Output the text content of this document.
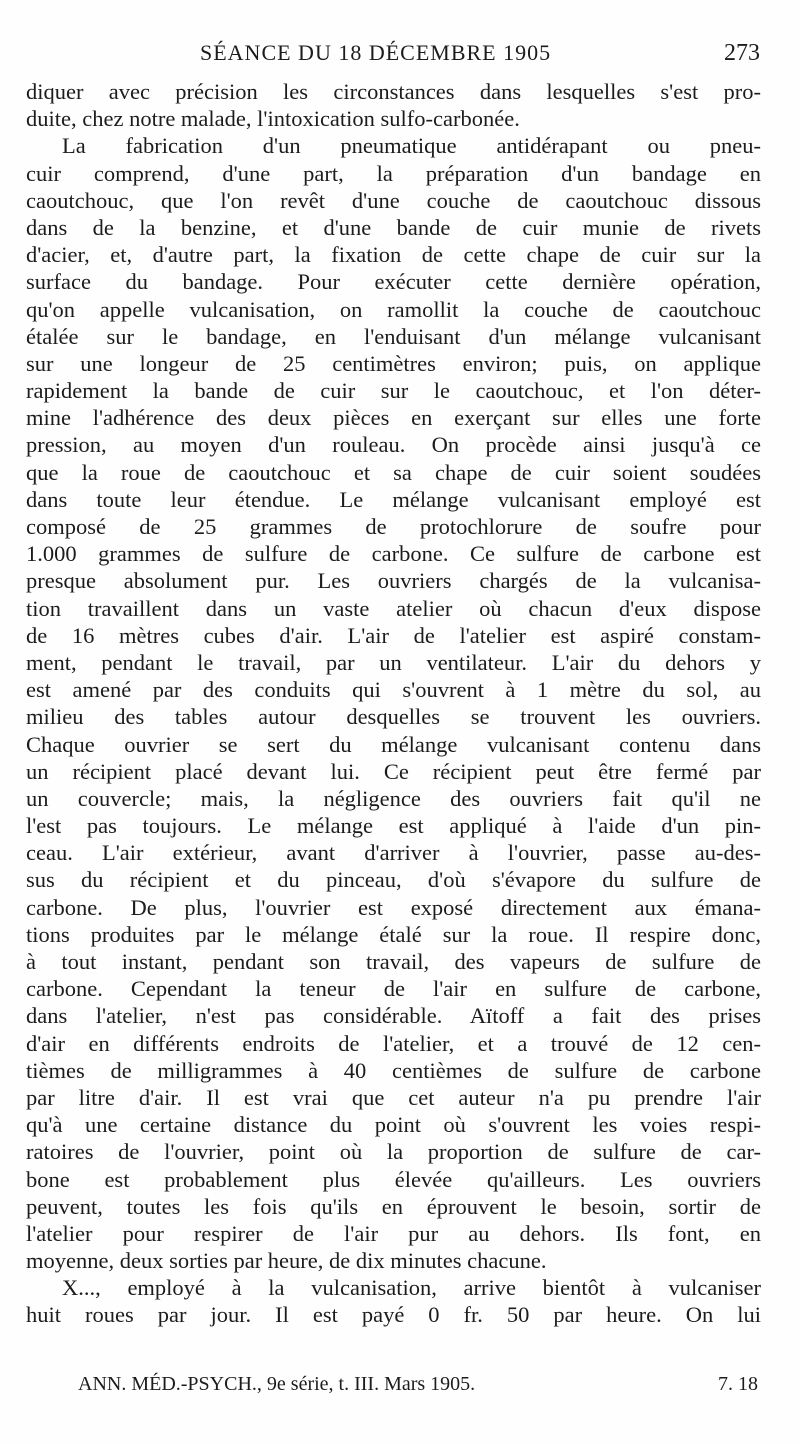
SÉANCE DU 18 DÉCEMBRE 1905	273
diquer avec précision les circonstances dans lesquelles s'est pro-
duite, chez notre malade, l'intoxication sulfo-carbonée.
La fabrication d'un pneumatique antidérapant ou pneu-
cuir comprend, d'une part, la préparation d'un bandage en
caoutchouc, que l'on revêt d'une couche de caoutchouc dissous
dans de la benzine, et d'une bande de cuir munie de rivets
d'acier, et, d'autre part, la fixation de cette chape de cuir sur la
surface du bandage. Pour exécuter cette dernière opération,
qu'on appelle vulcanisation, on ramollit la couche de caoutchouc
étalée sur le bandage, en l'enduisant d'un mélange vulcanisant
sur une longeur de 25 centimètres environ; puis, on applique
rapidement la bande de cuir sur le caoutchouc, et l'on déter-
mine l'adhérence des deux pièces en exerçant sur elles une forte
pression, au moyen d'un rouleau. On procède ainsi jusqu'à ce
que la roue de caoutchouc et sa chape de cuir soient soudées
dans toute leur étendue. Le mélange vulcanisant employé est
composé de 25 grammes de protochlorure de soufre pour
1.000 grammes de sulfure de carbone. Ce sulfure de carbone est
presque absolument pur. Les ouvriers chargés de la vulcanisa-
tion travaillent dans un vaste atelier où chacun d'eux dispose
de 16 mètres cubes d'air. L'air de l'atelier est aspiré constam-
ment, pendant le travail, par un ventilateur. L'air du dehors y
est amené par des conduits qui s'ouvrent à 1 mètre du sol, au
milieu des tables autour desquelles se trouvent les ouvriers.
Chaque ouvrier se sert du mélange vulcanisant contenu dans
un récipient placé devant lui. Ce récipient peut être fermé par
un couvercle; mais, la négligence des ouvriers fait qu'il ne
l'est pas toujours. Le mélange est appliqué à l'aide d'un pin-
ceau. L'air extérieur, avant d'arriver à l'ouvrier, passe au-des-
sus du récipient et du pinceau, d'où s'évapore du sulfure de
carbone. De plus, l'ouvrier est exposé directement aux émana-
tions produites par le mélange étalé sur la roue. Il respire donc,
à tout instant, pendant son travail, des vapeurs de sulfure de
carbone. Cependant la teneur de l'air en sulfure de carbone,
dans l'atelier, n'est pas considérable. Aïtoff a fait des prises
d'air en différents endroits de l'atelier, et a trouvé de 12 cen-
tièmes de milligrammes à 40 centièmes de sulfure de carbone
par litre d'air. Il est vrai que cet auteur n'a pu prendre l'air
qu'à une certaine distance du point où s'ouvrent les voies respi-
ratoires de l'ouvrier, point où la proportion de sulfure de car-
bone est probablement plus élevée qu'ailleurs. Les ouvriers
peuvent, toutes les fois qu'ils en éprouvent le besoin, sortir de
l'atelier pour respirer de l'air pur au dehors. Ils font, en
moyenne, deux sorties par heure, de dix minutes chacune.
X..., employé à la vulcanisation, arrive bientôt à vulcaniser
huit roues par jour. Il est payé 0 fr. 50 par heure. On lui
ANN. MÉD.-PSYCH., 9e série, t. III. Mars 1905.	7. 18
